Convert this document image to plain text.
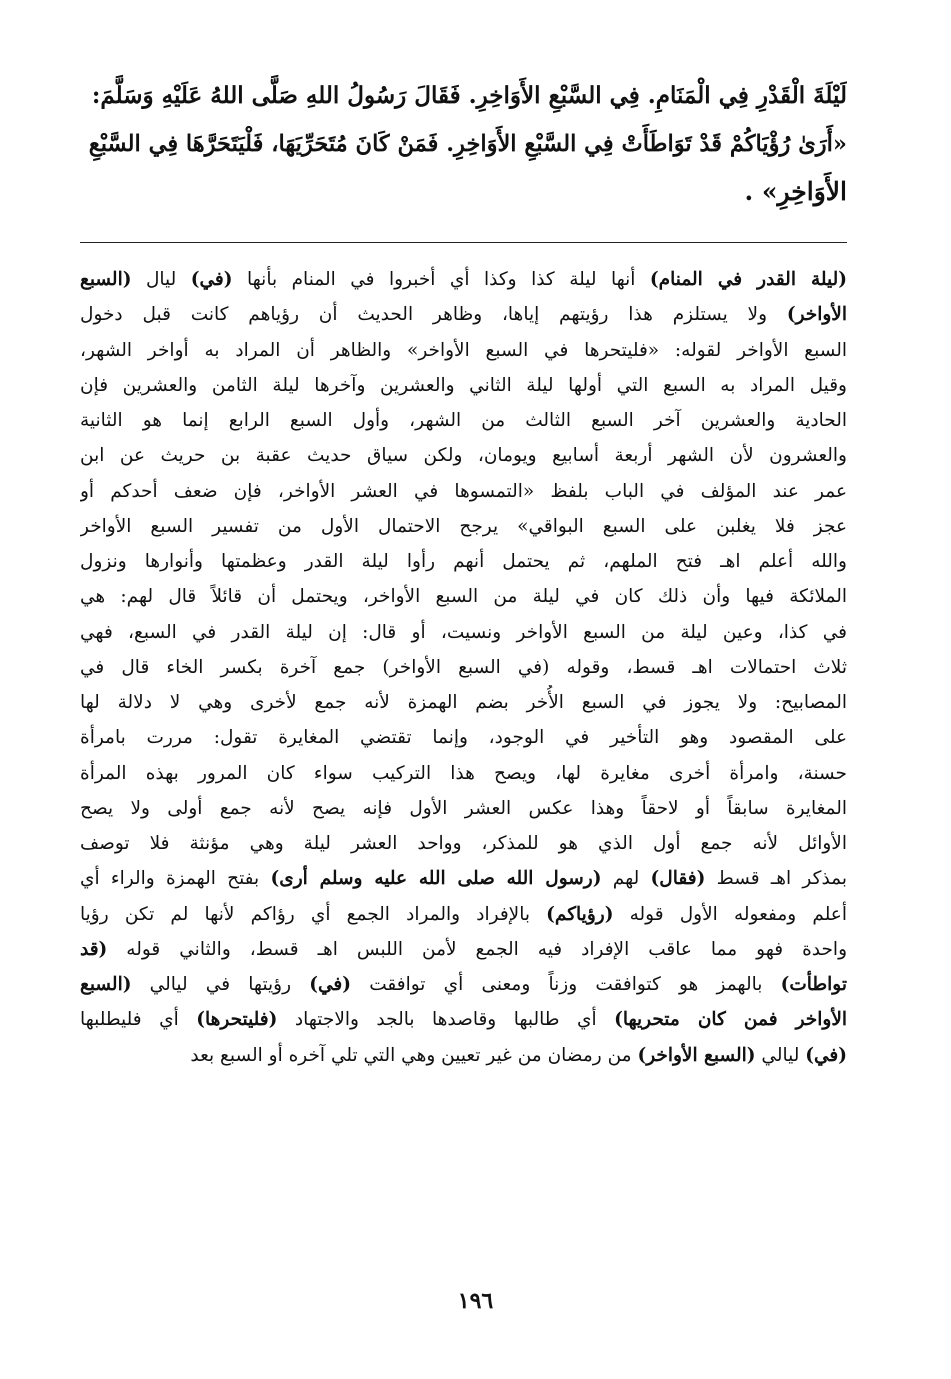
لَيْلَةَ الْقَدْرِ فِي الْمَنَامِ. فِي السَّبْعِ الأَوَاخِرِ. فَقَالَ رَسُولُ اللهِ صَلَّى اللهُ عَلَيْهِ وَسَلَّمَ:
«أَرَىٰ رُؤْيَاكُمْ قَدْ تَوَاطَأَتْ فِي السَّبْعِ الأَوَاخِرِ. فَمَنْ كَانَ مُتَحَرِّيَهَا، فَلْيَتَحَرَّهَا فِي السَّبْعِ
الأَوَاخِرِ» .
(ليلة القدر في المنام) أنها ليلة كذا وكذا أي أخبروا في المنام بأنها (في) ليال (السبع
الأواخر) ولا يستلزم هذا رؤيتهم إياها، وظاهر الحديث أن رؤياهم كانت قبل دخول
السبع الأواخر لقوله: «فليتحرها في السبع الأواخر» والظاهر أن المراد به أواخر الشهر،
وقيل المراد به السبع التي أولها ليلة الثاني والعشرين وآخرها ليلة الثامن والعشرين فإن
الحادية والعشرين آخر السبع الثالث من الشهر، وأول السبع الرابع إنما هو الثانية
والعشرون لأن الشهر أربعة أسابيع ويومان، ولكن سياق حديث عقبة بن حريث عن ابن
عمر عند المؤلف في الباب بلفظ «التمسوها في العشر الأواخر، فإن ضعف أحدكم أو
عجز فلا يغلبن على السبع البواقي» يرجح الاحتمال الأول من تفسير السبع الأواخر
والله أعلم اهـ فتح الملهم، ثم يحتمل أنهم رأوا ليلة القدر وعظمتها وأنوارها ونزول
الملائكة فيها وأن ذلك كان في ليلة من السبع الأواخر، ويحتمل أن قائلاً قال لهم: هي
في كذا، وعين ليلة من السبع الأواخر ونسيت، أو قال: إن ليلة القدر في السبع، فهي
ثلاث احتمالات اهـ قسط، وقوله (في السبع الأواخر) جمع آخرة بكسر الخاء قال في
المصابيح: ولا يجوز في السبع الأُخر بضم الهمزة لأنه جمع لأخرى وهي لا دلالة لها
على المقصود وهو التأخير في الوجود، وإنما تقتضي المغايرة تقول: مررت بامرأة
حسنة، وامرأة أخرى مغايرة لها، ويصح هذا التركيب سواء كان المرور بهذه المرأة
المغايرة سابقاً أو لاحقاً وهذا عكس العشر الأول فإنه يصح لأنه جمع أولى ولا يصح
الأوائل لأنه جمع أول الذي هو للمذكر، وواحد العشر ليلة وهي مؤنثة فلا توصف
بمذكر اهـ قسط (فقال) لهم (رسول الله صلى الله عليه وسلم أرى) بفتح الهمزة والراء أي
أعلم ومفعوله الأول قوله (رؤياكم) بالإفراد والمراد الجمع أي رؤاكم لأنها لم تكن رؤيا
واحدة فهو مما عاقب الإفراد فيه الجمع لأمن اللبس اهـ قسط، والثاني قوله (قد
تواطأت) بالهمز هو كتوافقت وزناً ومعنى أي توافقت (في) رؤيتها في ليالي (السبع
الأواخر فمن كان متحريها) أي طالبها وقاصدها بالجد والاجتهاد (فليتحرها) أي فليطلبها
(في) ليالي (السبع الأواخر) من رمضان من غير تعيين وهي التي تلي آخره أو السبع بعد
١٩٦
